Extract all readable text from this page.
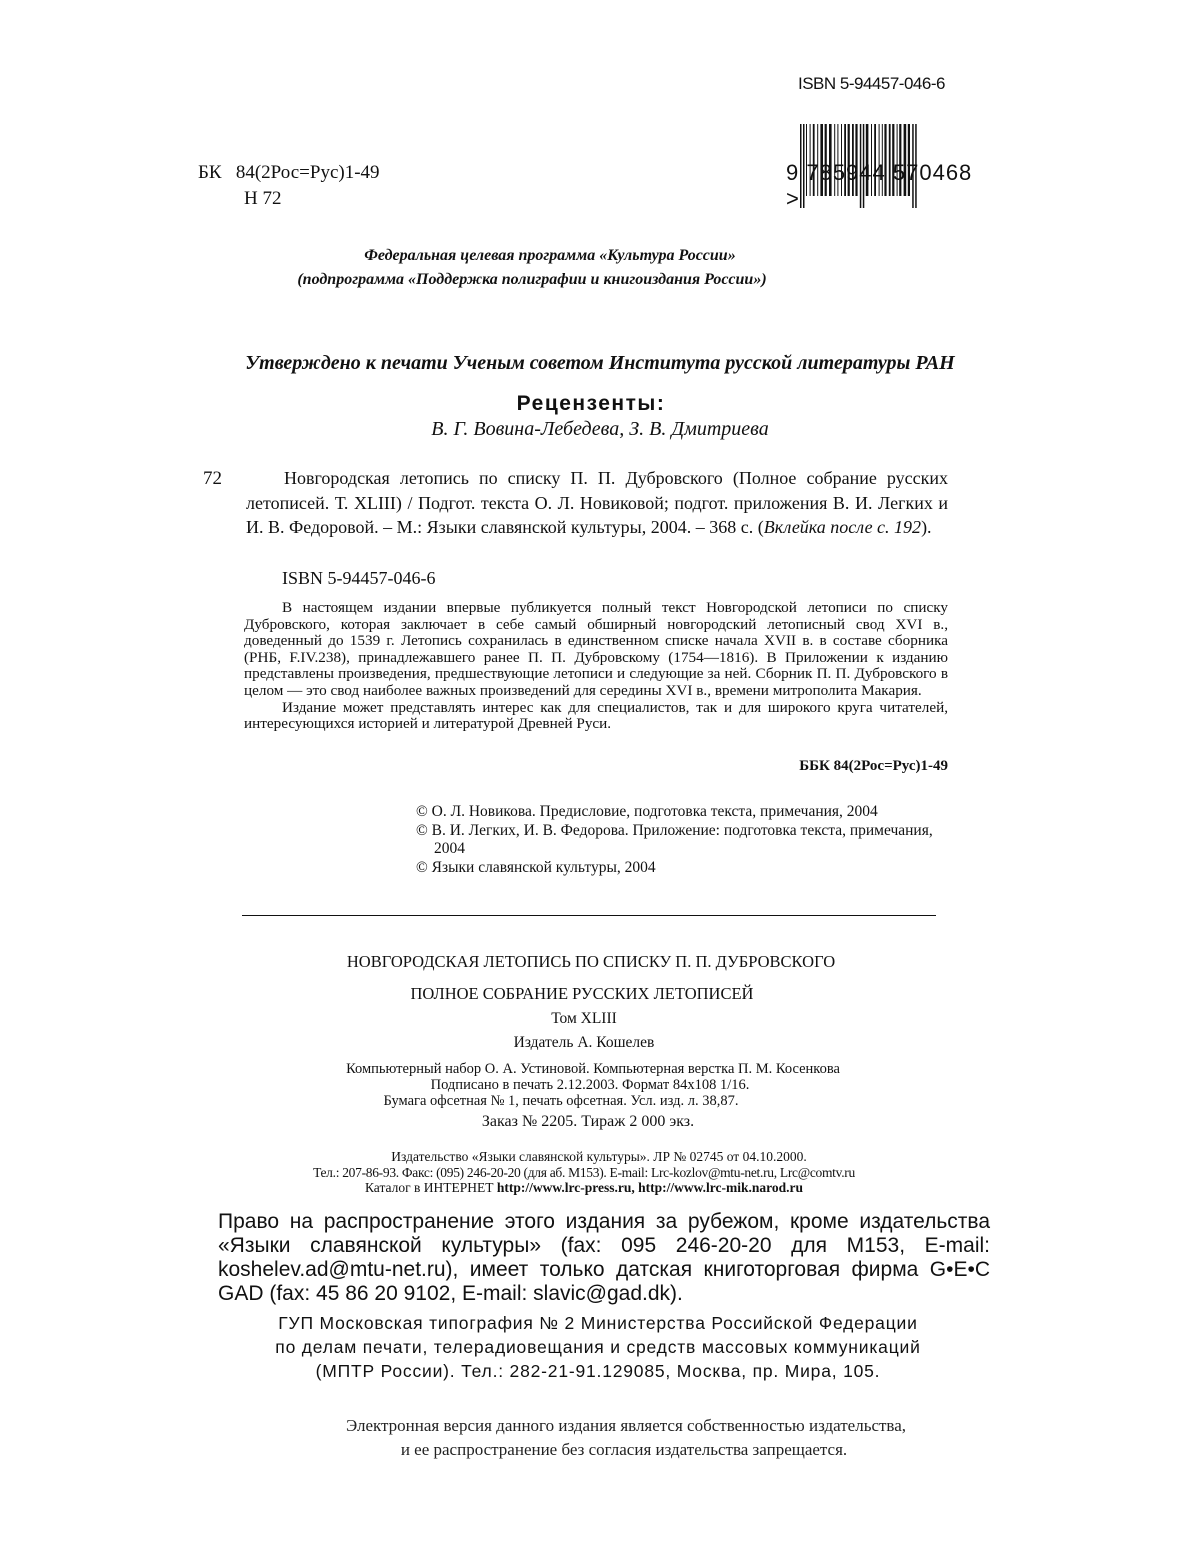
ISBN 5-94457-046-6
9 785944 570468 >
БК 84(2Рос=Рус)1-49
Н 72
Федеральная целевая программа «Культура России»
(подпрограмма «Поддержка полиграфии и книгоиздания России»)
Утверждено к печати Ученым советом Института русской литературы РАН
Рецензенты:
В. Г. Вовина-Лебедева, З. В. Дмитриева
72	Новгородская летопись по списку П. П. Дубровского (Полное собрание русских летописей. Т. XLIII) / Подгот. текста О. Л. Новиковой; подгот. приложения В. И. Легких и И. В. Федоровой. – М.: Языки славянской культуры, 2004. – 368 с. (Вклейка после с. 192).
ISBN 5-94457-046-6

В настоящем издании впервые публикуется полный текст Новгородской летописи по списку Дубровского, которая заключает в себе самый обширный новгородский летописный свод XVI в., доведенный до 1539 г. Летопись сохранилась в единственном списке начала XVII в. в составе сборника (РНБ, F.IV.238), принадлежавшего ранее П. П. Дубровскому (1754—1816). В Приложении к изданию представлены произведения, предшествующие летописи и следующие за ней. Сборник П. П. Дубровского в целом — это свод наиболее важных произведений для середины XVI в., времени митрополита Макария.

Издание может представлять интерес как для специалистов, так и для широкого круга читателей, интересующихся историей и литературой Древней Руси.

ББК 84(2Рос=Рус)1-49
© О. Л. Новикова. Предисловие, подготовка текста, примечания, 2004
© В. И. Легких, И. В. Федорова. Приложение: подготовка текста, примечания, 2004
© Языки славянской культуры, 2004
НОВГОРОДСКАЯ ЛЕТОПИСЬ ПО СПИСКУ П. П. ДУБРОВСКОГО
ПОЛНОЕ СОБРАНИЕ РУССКИХ ЛЕТОПИСЕЙ
Том XLIII
Издатель А. Кошелев
Компьютерный набор О. А. Устиновой. Компьютерная верстка П. М. Косенкова
Подписано в печать 2.12.2003. Формат 84x108 1/16.
Бумага офсетная № 1, печать офсетная. Усл. изд. л. 38,87.
Заказ № 2205. Тираж 2 000 экз.
Издательство «Языки славянской культуры». ЛР № 02745 от 04.10.2000.
Тел.: 207-86-93. Факс: (095) 246-20-20 (для аб. М153). E-mail: Lrc-kozlov@mtu-net.ru, Lrc@comtv.ru
Каталог в ИНТЕРНЕТ http://www.lrc-press.ru, http://www.lrc-mik.narod.ru
Право на распространение этого издания за рубежом, кроме издательства «Языки славянской культуры» (fax: 095 246-20-20 для M153, E-mail: koshelev.ad@mtu-net.ru), имеет только датская книготорговая фирма G•E•C GAD (fax: 45 86 20 9102, E-mail: slavic@gad.dk).
ГУП Московская типография № 2 Министерства Российской Федерации
по делам печати, телерадиовещания и средств массовых коммуникаций
(МПТР России). Тел.: 282-21-91.129085, Москва, пр. Мира, 105.
Электронная версия данного издания является собственностью издательства,
и ее распространение без согласия издательства запрещается.
